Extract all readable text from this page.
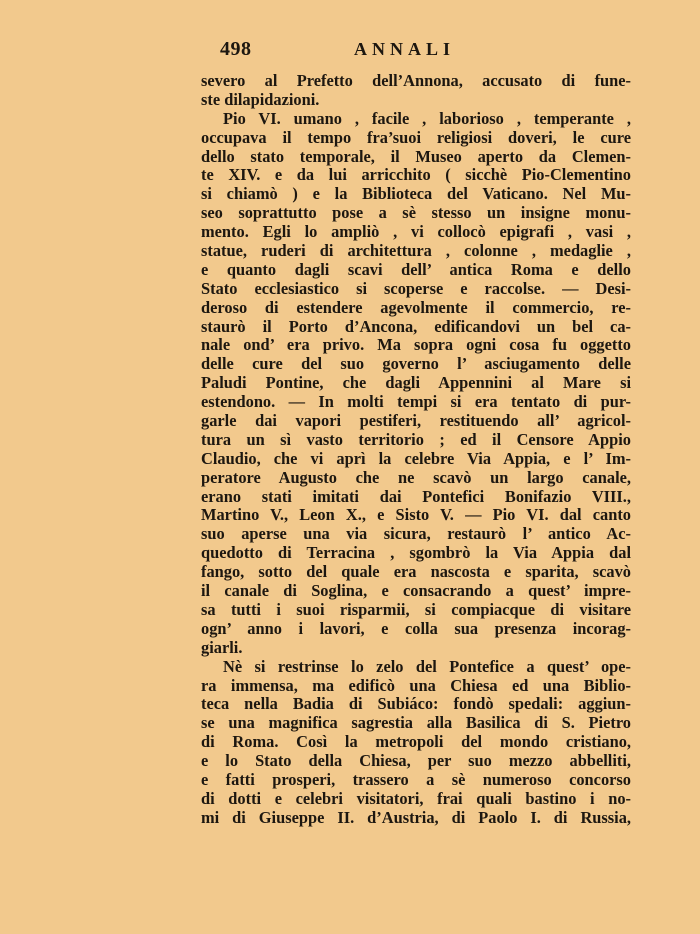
498	ANNALI
severo al Prefetto dell’Annona, accusato di fune-
ste dilapidazioni.
Pio VI. umano , facile , laborioso , temperante ,
occupava il tempo fra’suoi religiosi doveri, le cure
dello stato temporale, il Museo aperto da Clemen-
te XIV. e da lui arricchito ( sicchè Pio-Clementino
si chiamò ) e la Biblioteca del Vaticano. Nel Mu-
seo soprattutto pose a sè stesso un insigne monu-
mento. Egli lo ampliò , vi collocò epigrafi , vasi ,
statue, ruderi di architettura , colonne , medaglie ,
e quanto dagli scavi dell’ antica Roma e dello
Stato ecclesiastico si scoperse e raccolse. — Desi-
deroso di estendere agevolmente il commercio, re-
staurò il Porto d’Ancona, edificandovi un bel ca-
nale ond’ era privo. Ma sopra ogni cosa fu oggetto
delle cure del suo governo l’ asciugamento delle
Paludi Pontine, che dagli Appennini al Mare si
estendono. — In molti tempi si era tentato di pur-
garle dai vapori pestiferi, restituendo all’ agricol-
tura un sì vasto territorio ; ed il Censore Appio
Claudio, che vi aprì la celebre Via Appia, e l’ Im-
peratore Augusto che ne scavò un largo canale,
erano stati imitati dai Pontefici Bonifazio VIII.,
Martino V., Leon X., e Sisto V. — Pio VI. dal canto
suo aperse una via sicura, restaurò l’ antico Ac-
quedotto di Terracina , sgombrò la Via Appia dal
fango, sotto del quale era nascosta e sparita, scavò
il canale di Soglina, e consacrando a quest’ impre-
sa tutti i suoi risparmii, si compiacque di visitare
ogn’ anno i lavori, e colla sua presenza incorag-
giarli.
Nè si restrinse lo zelo del Pontefice a quest’ ope-
ra immensa, ma edificò una Chiesa ed una Biblio-
teca nella Badia di Subiáco: fondò spedali: aggiun-
se una magnifica sagrestia alla Basilica di S. Pietro
di Roma. Così la metropoli del mondo cristiano,
e lo Stato della Chiesa, per suo mezzo abbelliti,
e fatti prosperi, trassero a sè numeroso concorso
di dotti e celebri visitatori, frai quali bastino i no-
mi di Giuseppe II. d’Austria, di Paolo I. di Russia,
